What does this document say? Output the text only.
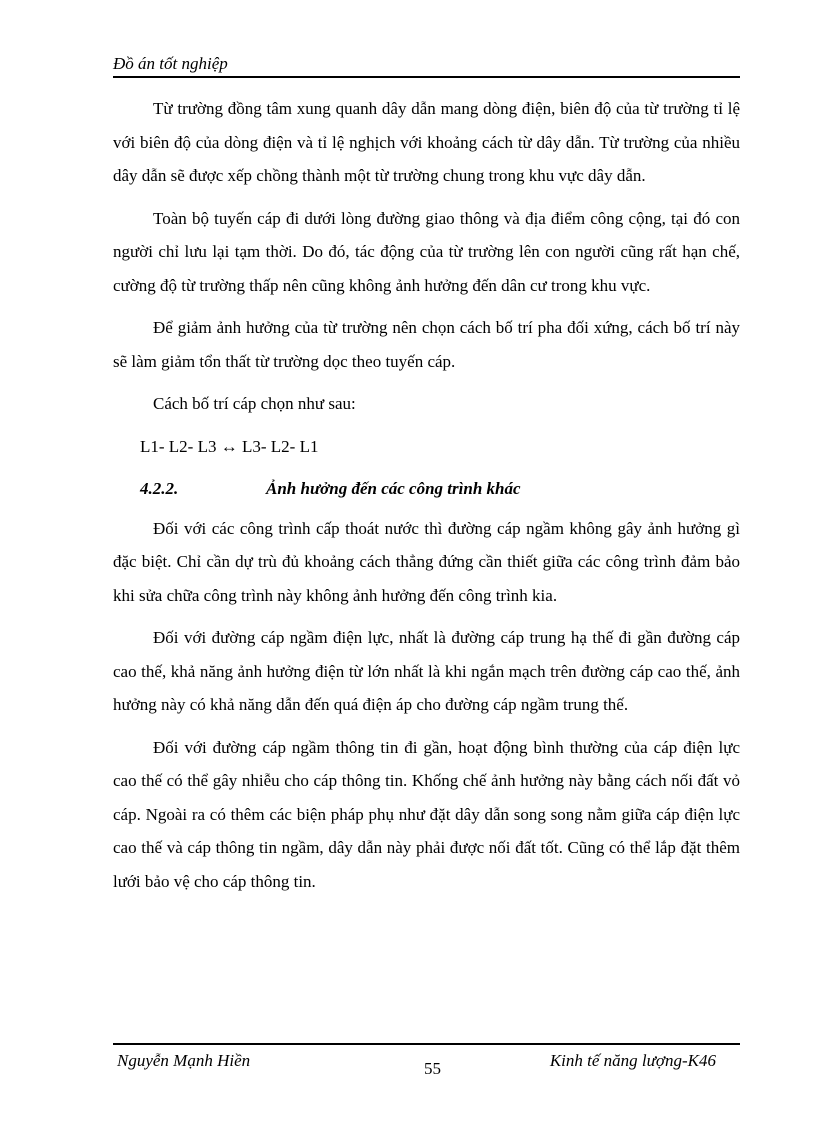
Đồ án tốt nghiệp

Từ trường đồng tâm xung quanh dây dẫn mang dòng điện, biên độ của từ trường tỉ lệ với biên độ của dòng điện và tỉ lệ nghịch với khoảng cách từ dây dẫn. Từ trường của nhiều dây dẫn sẽ được xếp chồng thành một từ trường chung trong khu vực dây dẫn.

Toàn bộ tuyến cáp đi dưới lòng đường giao thông và địa điểm công cộng, tại đó con người chỉ lưu lại tạm thời. Do đó, tác động của từ trường lên con người cũng rất hạn chế, cường độ từ trường thấp nên cũng không ảnh hưởng đến dân cư trong khu vực.

Để giảm ảnh hưởng của từ trường nên chọn cách bố trí pha đối xứng, cách bố trí này sẽ làm giảm tổn thất từ trường dọc theo tuyến cáp.

Cách bố trí cáp chọn như sau:

L1- L2- L3 ↔ L3- L2- L1

4.2.2.	Ảnh hưởng đến các công trình khác

Đối với các công trình cấp thoát nước thì đường cáp ngầm không gây ảnh hưởng gì đặc biệt. Chỉ cần dự trù đủ khoảng cách thẳng đứng cần thiết giữa các công trình đảm bảo khi sửa chữa công trình này không ảnh hưởng đến công trình kia.

Đối với đường cáp ngầm điện lực, nhất là đường cáp trung hạ thế đi gần đường cáp cao thế, khả năng ảnh hưởng điện từ lớn nhất là khi ngắn mạch trên đường cáp cao thế, ảnh hưởng này có khả năng dẫn đến quá điện áp cho đường cáp ngầm trung thế.

Đối với đường cáp ngầm thông tin đi gần, hoạt động bình thường của cáp điện lực cao thế có thể gây nhiễu cho cáp thông tin. Khống chế ảnh hưởng này bằng cách nối đất vỏ cáp. Ngoài ra có thêm các biện pháp phụ như đặt dây dẫn song song nằm giữa cáp điện lực cao thế và cáp thông tin ngầm, dây dẫn này phải được nối đất tốt. Cũng có thể lắp đặt thêm lưới bảo vệ cho cáp thông tin.

Nguyễn Mạnh Hiền	55	Kinh tế năng lượng-K46
